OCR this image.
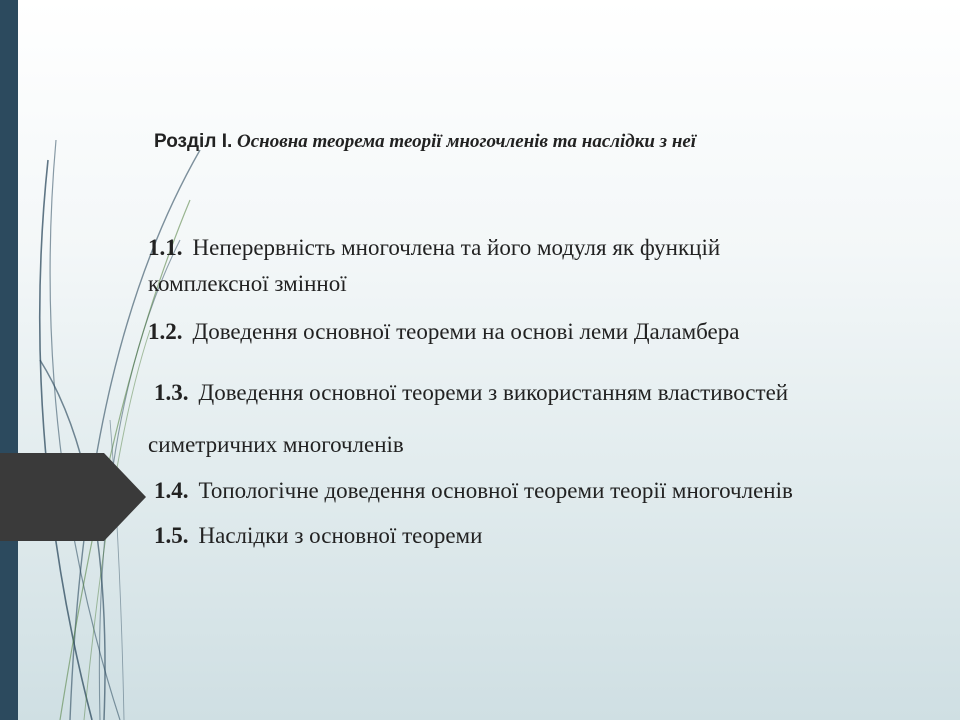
Розділ I. Основна теорема теорії многочленів та наслідки з неї
1.1. Неперервність многочлена та його модуля як функцій
комплексної змінної
1.2. Доведення основної теореми на основі леми Даламбера
1.3. Доведення основної теореми з використанням властивостей
симетричних многочленів
1.4. Топологічне доведення основної теореми теорії многочленів
1.5. Наслідки з основної теореми
